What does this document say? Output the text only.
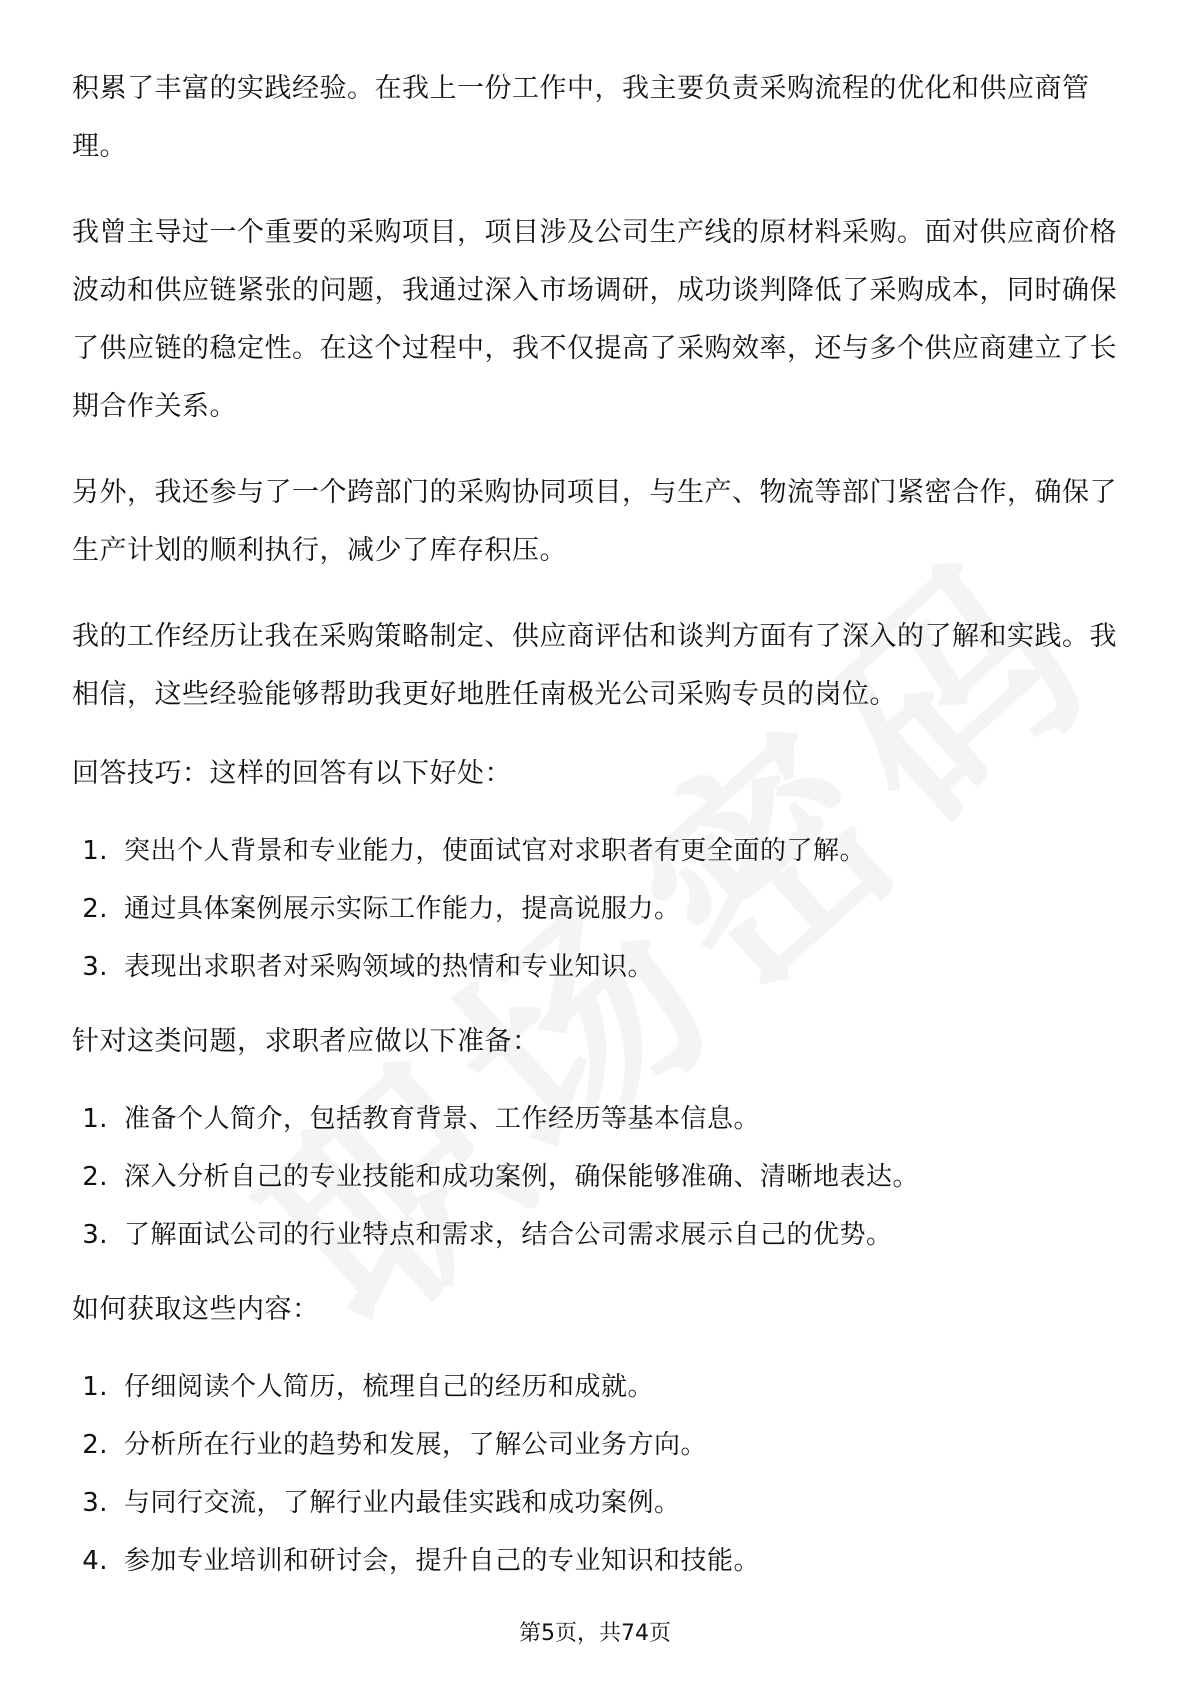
积累了丰富的实践经验。在我上一份工作中，我主要负责采购流程的优化和供应商管理。

我曾主导过一个重要的采购项目，项目涉及公司生产线的原材料采购。面对供应商价格波动和供应链紧张的问题，我通过深入市场调研，成功谈判降低了采购成本，同时确保了供应链的稳定性。在这个过程中，我不仅提高了采购效率，还与多个供应商建立了长期合作关系。

另外，我还参与了一个跨部门的采购协同项目，与生产、物流等部门紧密合作，确保了生产计划的顺利执行，减少了库存积压。

我的工作经历让我在采购策略制定、供应商评估和谈判方面有了深入的了解和实践。我相信，这些经验能够帮助我更好地胜任南极光公司采购专员的岗位。

回答技巧：这样的回答有以下好处：
1. 突出个人背景和专业能力，使面试官对求职者有更全面的了解。
2. 通过具体案例展示实际工作能力，提高说服力。
3. 表现出求职者对采购领域的热情和专业知识。
针对这类问题，求职者应做以下准备：
1. 准备个人简介，包括教育背景、工作经历等基本信息。
2. 深入分析自己的专业技能和成功案例，确保能够准确、清晰地表达。
3. 了解面试公司的行业特点和需求，结合公司需求展示自己的优势。
如何获取这些内容：
1. 仔细阅读个人简历，梳理自己的经历和成就。
2. 分析所在行业的趋势和发展，了解公司业务方向。
3. 与同行交流，了解行业内最佳实践和成功案例。
4. 参加专业培训和研讨会，提升自己的专业知识和技能。
第5页，共74页
